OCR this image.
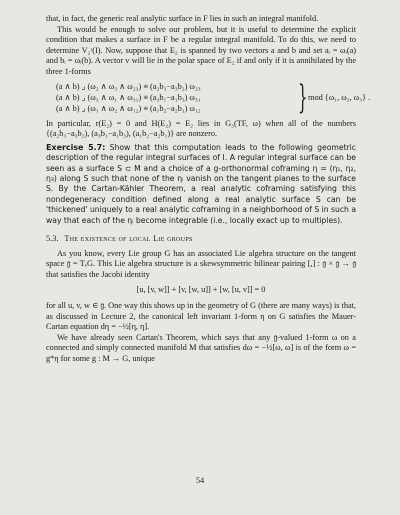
that, in fact, the generic real analytic surface in F lies in such an integral manifold.

This would be enough to solve our problem, but it is useful to determine the explicit condition that makes a surface in F be a regular integral manifold. To do this, we need to determine V₂ʳ(I). Now, suppose that E₂ is spanned by two vectors a and b and set aᵢ = ωᵢ(a) and bᵢ = ωᵢ(b). A vector v will lie in the polar space of E₂ if and only if it is annihilated by the three 1-forms

(a ∧ b) ⌟ (ω₂ ∧ ω₃ ∧ ω₂₃) ≡ (a₂b₃−a₃b₂) ω₂₃
(a ∧ b) ⌟ (ω₃ ∧ ω₁ ∧ ω₃₁) ≡ (a₃b₁−a₁b₃) ω₃₁
(a ∧ b) ⌟ (ω₁ ∧ ω₂ ∧ ω₁₂) ≡ (a₁b₂−a₂b₁) ω₁₂	} mod {ω₁, ω₂, ω₃} .

In particular, r(E₂) = 0 and H(E₂) = E₂ lies in G₃(TF, ω) when all of the numbers {(a₂b₃−a₃b₂), (a₃b₁−a₁b₃), (a₁b₂−a₂b₁)} are nonzero.

Exercise 5.7: Show that this computation leads to the following geometric description of the regular integral surfaces of I. A regular integral surface can be seen as a surface S ⊂ M and a choice of a g-orthonormal coframing η = (η₁, η₂, η₃) along S such that none of the ηᵢ vanish on the tangent planes to the surface S. By the Cartan-Kähler Theorem, a real analytic coframing satisfying this nondegeneracy condition defined along a real analytic surface S can be 'thickened' uniquely to a real analytic coframing in a neighborhood of S in such a way that each of the ηᵢ become integrable (i.e., locally exact up to multiples).

5.3. The existence of local Lie groups

As you know, every Lie group G has an associated Lie algebra structure on the tangent space 𝔤 = TₑG. This Lie algebra structure is a skewsymmetric bilinear pairing [,] : 𝔤 × 𝔤 → 𝔤 that satisfies the Jacobi identity

[u, [v, w]] + [v, [w, u]] + [w, [u, v]] = 0

for all u, v, w ∈ 𝔤. One way this shows up in the geometry of G (there are many ways) is that, as discussed in Lecture 2, the canonical left invariant 1-form η on G satisfies the Mauer-Cartan equation dη = −½[η, η].

We have already seen Cartan's Theorem, which says that any 𝔤-valued 1-form ω on a connected and simply connected manifold M that satisfies dω = −½[ω, ω] is of the form ω = g*η for some g : M → G, unique

54
